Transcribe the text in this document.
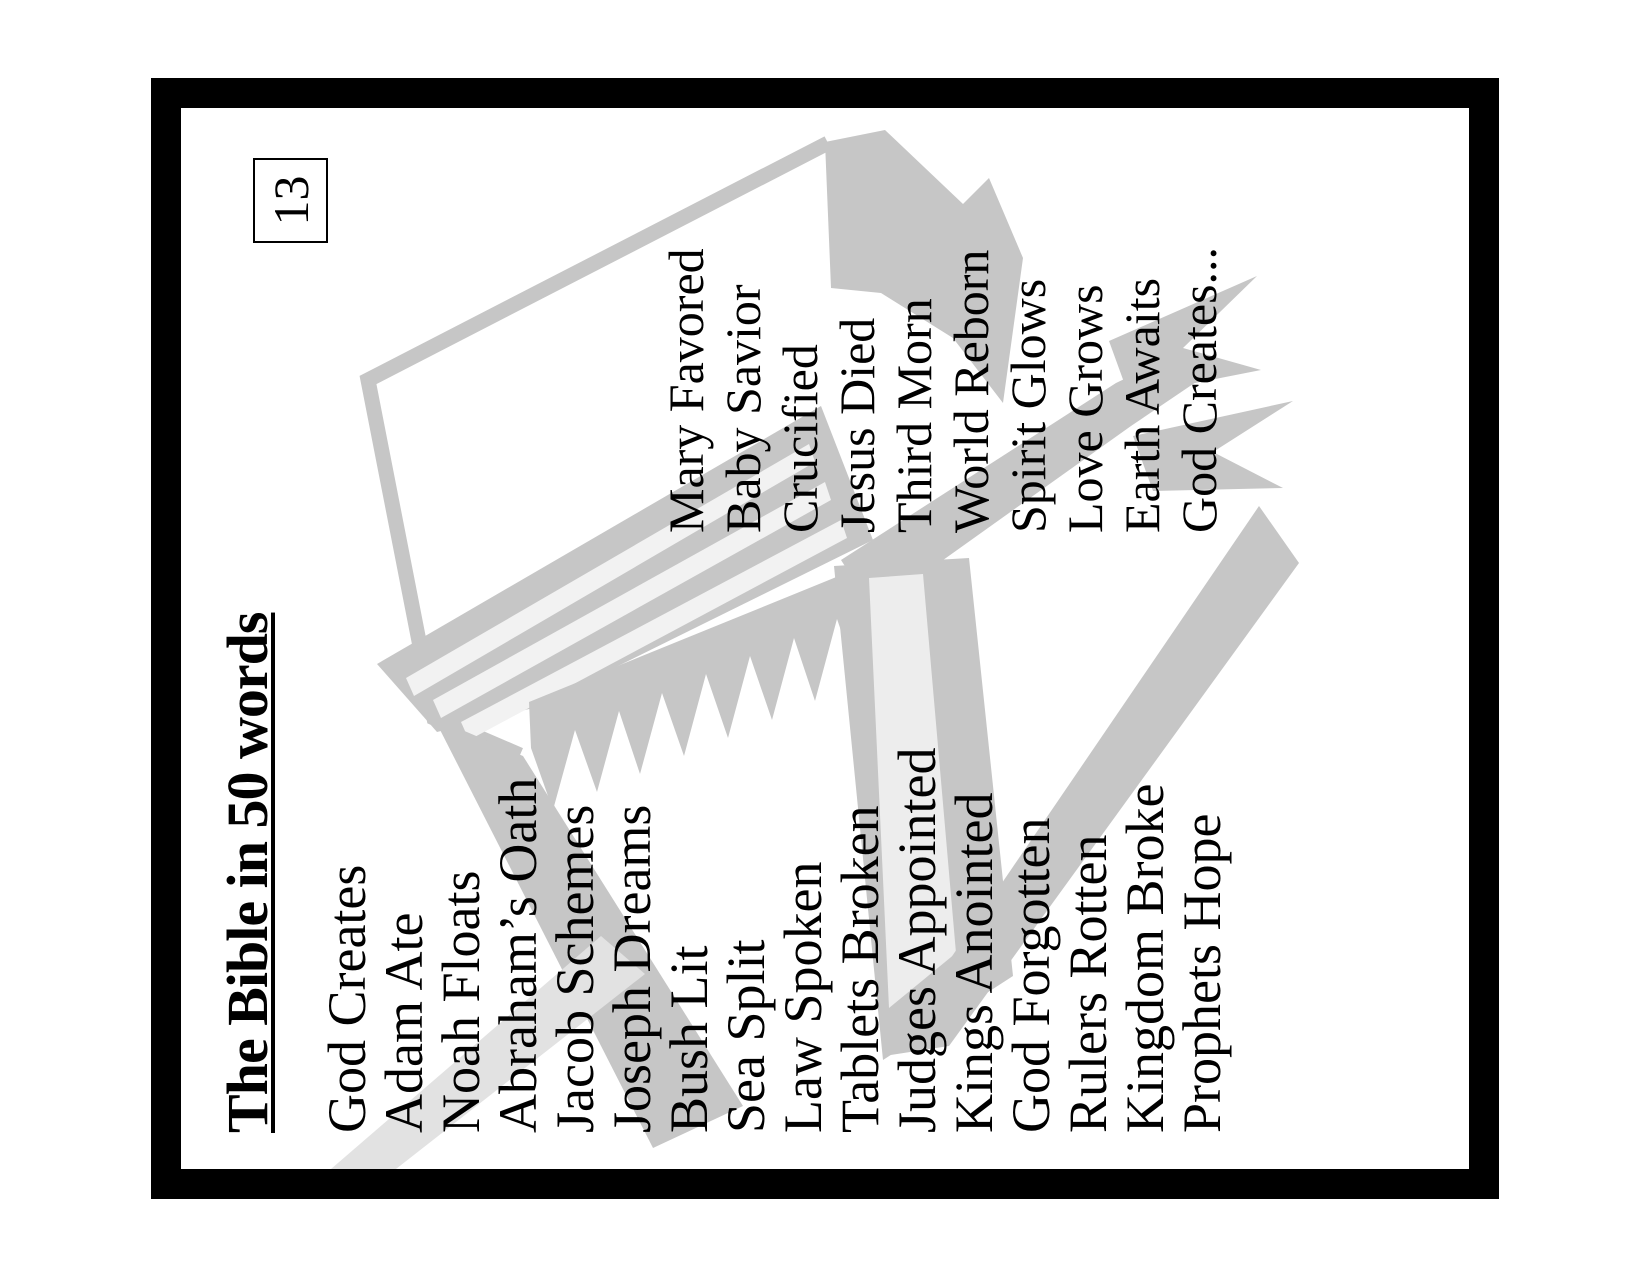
The Bible in 50 words
13
God Creates
Adam Ate
Noah Floats
Abraham’s Oath
Jacob Schemes
Joseph Dreams
Bush Lit
Sea Split
Law Spoken
Tablets Broken
Judges Appointed
Kings Anointed
God Forgotten
Rulers Rotten
Kingdom Broke
Prophets Hope
Mary Favored Baby Savior Crucified Jesus Died Third Morn World Reborn Spirit Glows Love Grows Earth Awaits God Creates...
